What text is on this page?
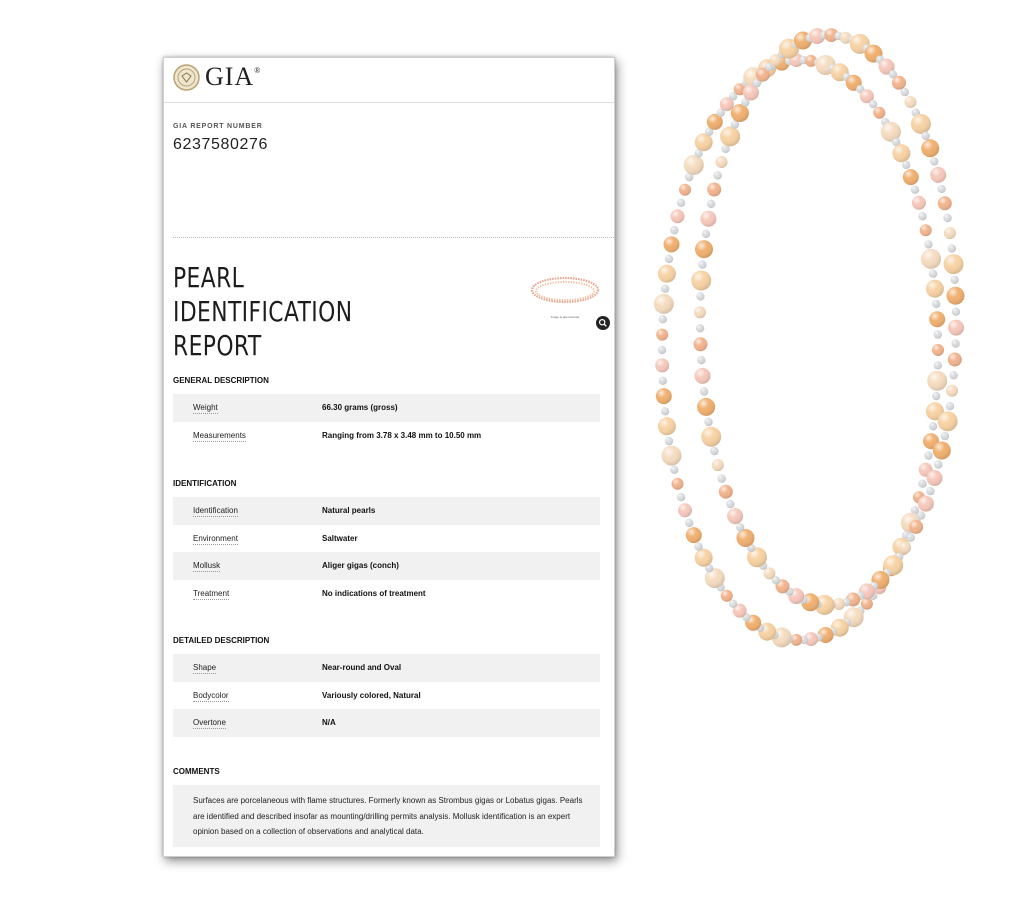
GIA®
GIA REPORT NUMBER
6237580276
PEARL IDENTIFICATION
REPORT
Image is approximate
GENERAL DESCRIPTION
Weight	66.30 grams (gross)
Measurements	Ranging from 3.78 x 3.48 mm to 10.50 mm
IDENTIFICATION
Identification	Natural pearls
Environment	Saltwater
Mollusk	Aliger gigas (conch)
Treatment	No indications of treatment
DETAILED DESCRIPTION
Shape	Near-round and Oval
Bodycolor	Variously colored, Natural
Overtone	N/A
COMMENTS
Surfaces are porcelaneous with flame structures. Formerly known as Strombus gigas or Lobatus gigas. Pearls are identified and described insofar as mounting/drilling permits analysis. Mollusk identification is an expert opinion based on a collection of observations and analytical data.
